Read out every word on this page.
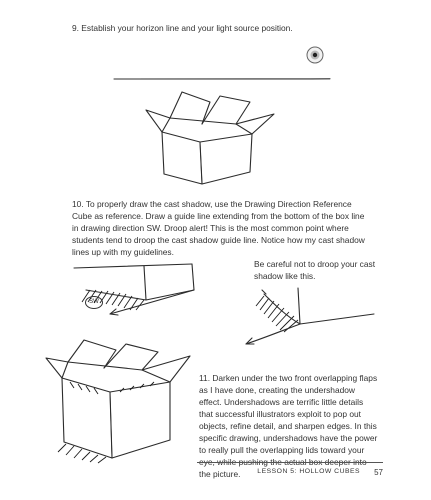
9. Establish your horizon line and your light source position.
10. To properly draw the cast shadow, use the Drawing Direction Reference Cube as reference. Draw a guide line extending from the bottom of the box line in drawing direction SW. Droop alert! This is the most common point where students tend to droop the cast shadow guide line. Notice how my cast shadow lines up with my guidelines.
SW
Be careful not to droop your cast shadow like this.
11. Darken under the two front overlapping flaps as I have done, creating the undershadow effect. Undershadows are terrific little details that successful illustrators exploit to pop out objects, refine detail, and sharpen edges. In this specific drawing, undershadows have the power to really pull the overlapping lids toward your eye, while pushing the actual box deeper into the picture.	LESSON 5: HOLLOW CUBES 57
